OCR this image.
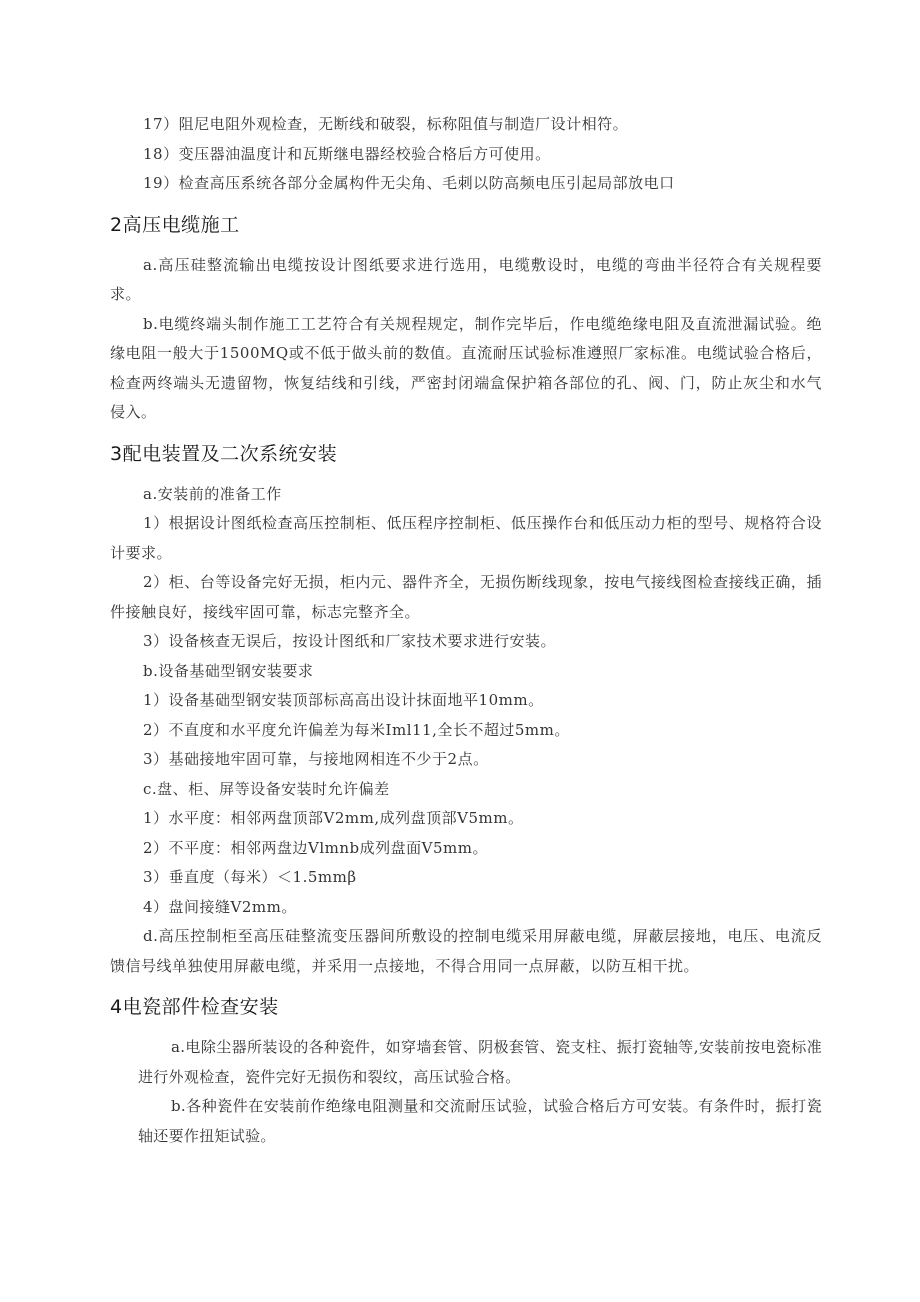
17）阻尼电阻外观检查，无断线和破裂，标称阻值与制造厂设计相符。

18）变压器油温度计和瓦斯继电器经校验合格后方可使用。

19）检查高压系统各部分金属构件无尖角、毛刺以防高频电压引起局部放电口

2高压电缆施工

a.高压硅整流输出电缆按设计图纸要求进行选用，电缆敷设时，电缆的弯曲半径符合有关规程要求。

b.电缆终端头制作施工工艺符合有关规程规定，制作完毕后，作电缆绝缘电阻及直流泄漏试验。绝缘电阻一般大于1500MQ或不低于做头前的数值。直流耐压试验标准遵照厂家标准。电缆试验合格后，检查两终端头无遗留物，恢复结线和引线，严密封闭端盒保护箱各部位的孔、阀、门，防止灰尘和水气侵入。

3配电装置及二次系统安装

a.安装前的准备工作

1）根据设计图纸检查高压控制柜、低压程序控制柜、低压操作台和低压动力柜的型号、规格符合设计要求。

2）柜、台等设备完好无损，柜内元、器件齐全，无损伤断线现象，按电气接线图检查接线正确，插件接触良好，接线牢固可靠，标志完整齐全。

3）设备核查无误后，按设计图纸和厂家技术要求进行安装。

b.设备基础型钢安装要求

1）设备基础型钢安装顶部标高高出设计抹面地平10mm。

2）不直度和水平度允许偏差为每米Iml11,全长不超过5mm。

3）基础接地牢固可靠，与接地网相连不少于2点。

c.盘、柜、屏等设备安装时允许偏差

1）水平度：相邻两盘顶部V2mm,成列盘顶部V5mm。

2）不平度：相邻两盘边Vlmnb成列盘面V5mm。

3）垂直度（每米）＜1.5mmβ

4）盘间接缝V2mm。

d.高压控制柜至高压硅整流变压器间所敷设的控制电缆采用屏蔽电缆，屏蔽层接地，电压、电流反馈信号线单独使用屏蔽电缆，并采用一点接地，不得合用同一点屏蔽，以防互相干扰。

4电瓷部件检查安装

a.电除尘器所装设的各种瓷件，如穿墙套管、阴极套管、瓷支柱、振打瓷轴等,安装前按电瓷标准进行外观检查，瓷件完好无损伤和裂纹，高压试验合格。

b.各种瓷件在安装前作绝缘电阻测量和交流耐压试验，试验合格后方可安装。有条件时，振打瓷轴还要作扭矩试验。
